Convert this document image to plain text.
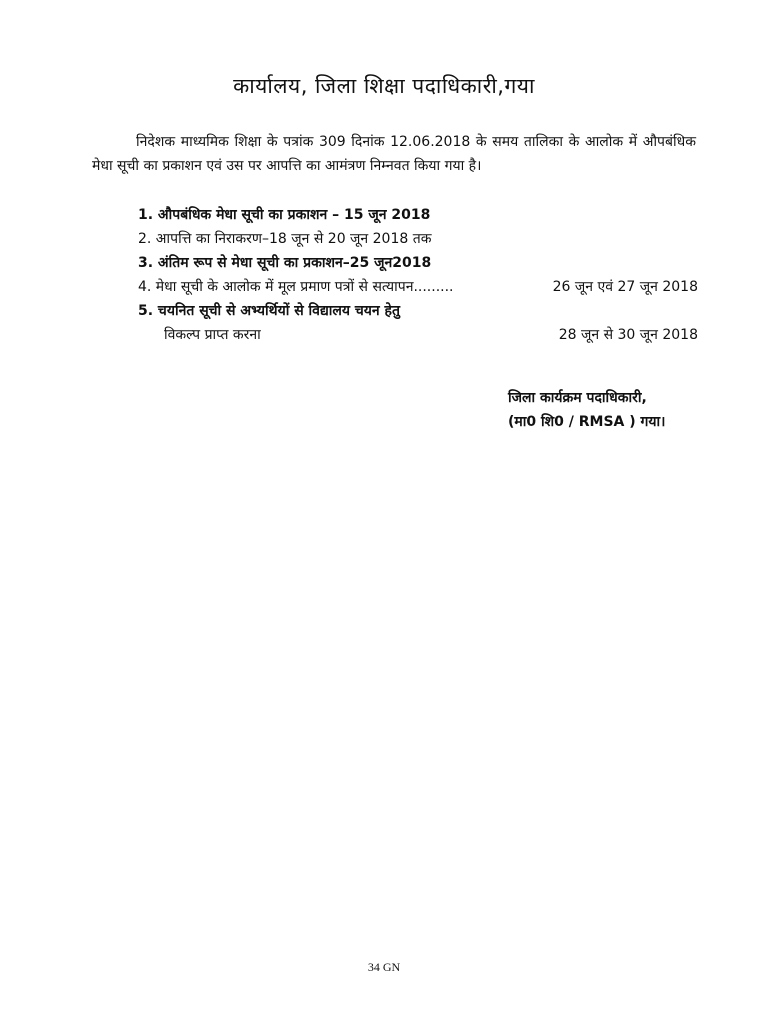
कार्यालय, जिला शिक्षा पदाधिकारी,गया
निदेशक माध्यमिक शिक्षा के पत्रांक 309 दिनांक 12.06.2018 के समय तालिका के आलोक में औपबंधिक मेधा सूची का प्रकाशन एवं उस पर आपत्ति का आमंत्रण निम्नवत किया गया है।
1. औपबंधिक मेधा सूची का प्रकाशन – 15 जून 2018
2. आपत्ति का निराकरण–18 जून से 20 जून 2018 तक
3. अंतिम रूप से मेधा सूची का प्रकाशन–25 जून2018
4. मेधा सूची के आलोक में मूल प्रमाण पत्रों से सत्यापन.........	26 जून एवं 27 जून 2018
5. चयनित सूची से अभ्यर्थियों से विद्यालय चयन हेतु
विकल्प प्राप्त करना	28 जून से 30 जून 2018
जिला कार्यक्रम पदाधिकारी,
(मा0 शि0 / RMSA ) गया।
34 GN
